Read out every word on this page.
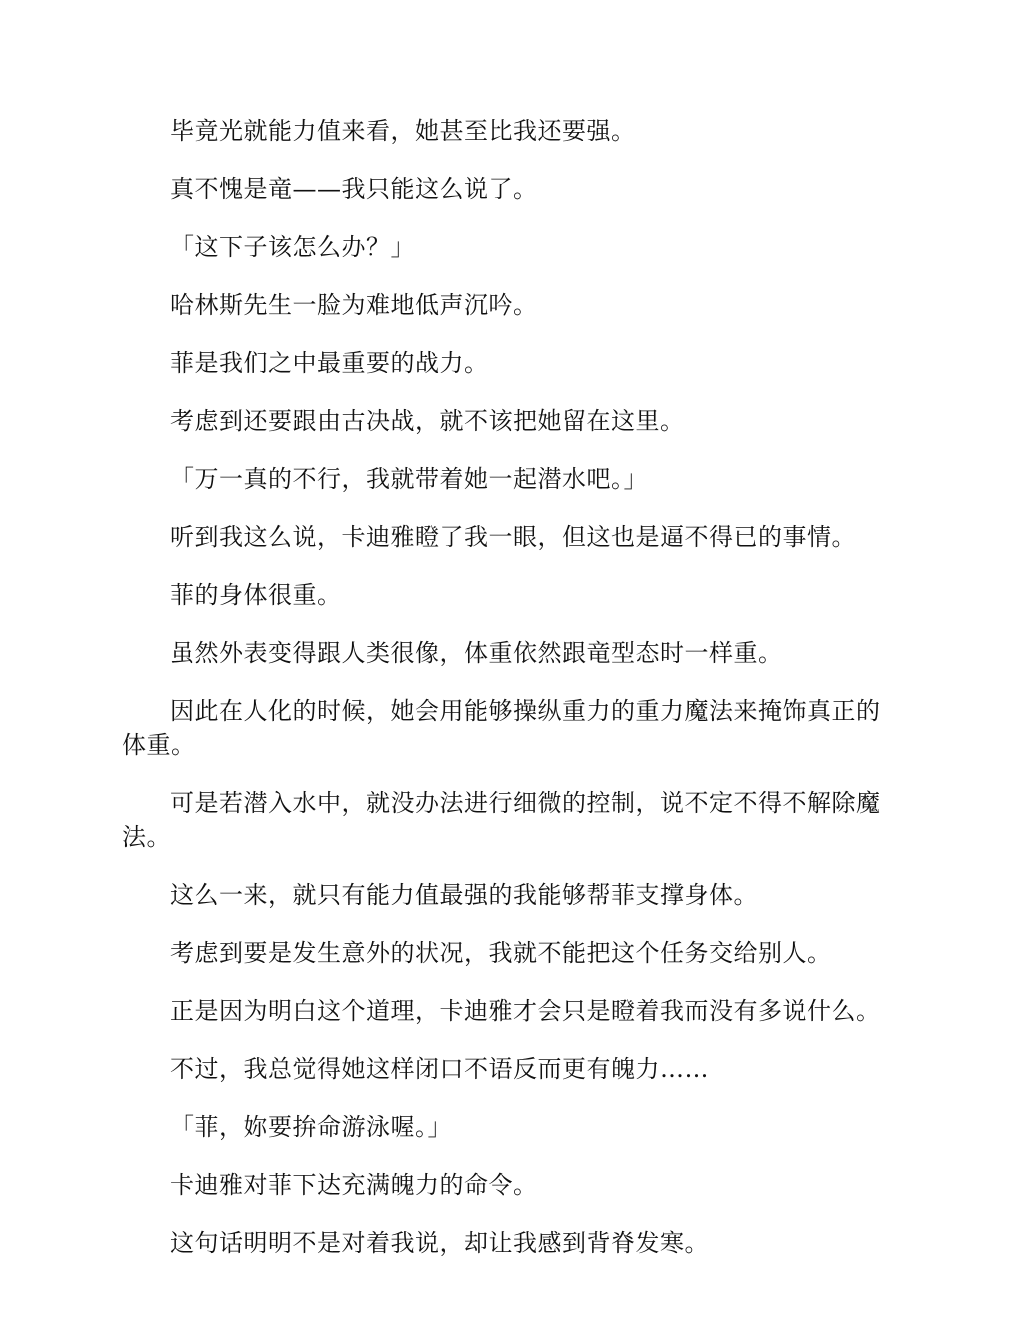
毕竟光就能力值来看，她甚至比我还要强。

真不愧是竜——我只能这么说了。

「这下子该怎么办？」

哈林斯先生一脸为难地低声沉吟。

菲是我们之中最重要的战力。

考虑到还要跟由古决战，就不该把她留在这里。

「万一真的不行，我就带着她一起潜水吧。」

听到我这么说，卡迪雅瞪了我一眼，但这也是逼不得已的事情。

菲的身体很重。

虽然外表变得跟人类很像，体重依然跟竜型态时一样重。

因此在人化的时候，她会用能够操纵重力的重力魔法来掩饰真正的体重。

可是若潜入水中，就没办法进行细微的控制，说不定不得不解除魔法。

这么一来，就只有能力值最强的我能够帮菲支撑身体。

考虑到要是发生意外的状况，我就不能把这个任务交给别人。

正是因为明白这个道理，卡迪雅才会只是瞪着我而没有多说什么。

不过，我总觉得她这样闭口不语反而更有魄力……

「菲，妳要拚命游泳喔。」

卡迪雅对菲下达充满魄力的命令。

这句话明明不是对着我说，却让我感到背脊发寒。
